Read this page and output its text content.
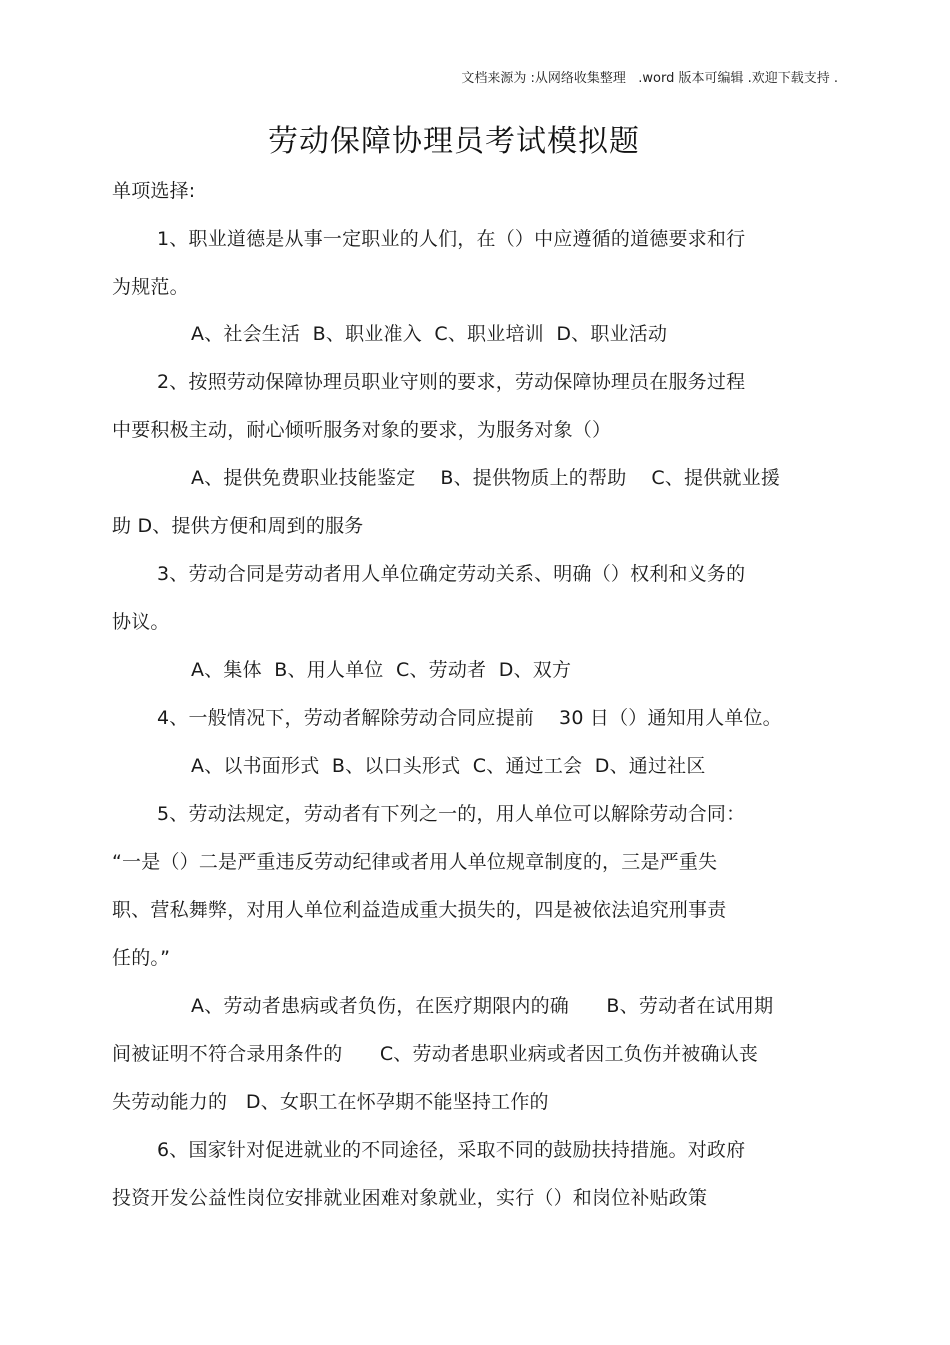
文档来源为 :从网络收集整理   .word 版本可编辑 .欢迎下载支持 .
劳动保障协理员考试模拟题
单项选择:
1、职业道德是从事一定职业的人们，在（）中应遵循的道德要求和行
为规范。
A、社会生活  B、职业准入  C、职业培训  D、职业活动
2、按照劳动保障协理员职业守则的要求，劳动保障协理员在服务过程
中要积极主动，耐心倾听服务对象的要求，为服务对象（）
A、提供免费职业技能鉴定    B、提供物质上的帮助    C、提供就业援
助 D、提供方便和周到的服务
3、劳动合同是劳动者用人单位确定劳动关系、明确（）权利和义务的
协议。
A、集体  B、用人单位  C、劳动者  D、双方
4、一般情况下，劳动者解除劳动合同应提前    30 日（）通知用人单位。
A、以书面形式  B、以口头形式  C、通过工会  D、通过社区
5、劳动法规定，劳动者有下列之一的，用人单位可以解除劳动合同：
“一是（）二是严重违反劳动纪律或者用人单位规章制度的，三是严重失
职、营私舞弊，对用人单位利益造成重大损失的，四是被依法追究刑事责
任的。”
A、劳动者患病或者负伤，在医疗期限内的确      B、劳动者在试用期
间被证明不符合录用条件的      C、劳动者患职业病或者因工负伤并被确认丧
失劳动能力的   D、女职工在怀孕期不能坚持工作的
6、国家针对促进就业的不同途径，采取不同的鼓励扶持措施。对政府
投资开发公益性岗位安排就业困难对象就业，实行（）和岗位补贴政策
